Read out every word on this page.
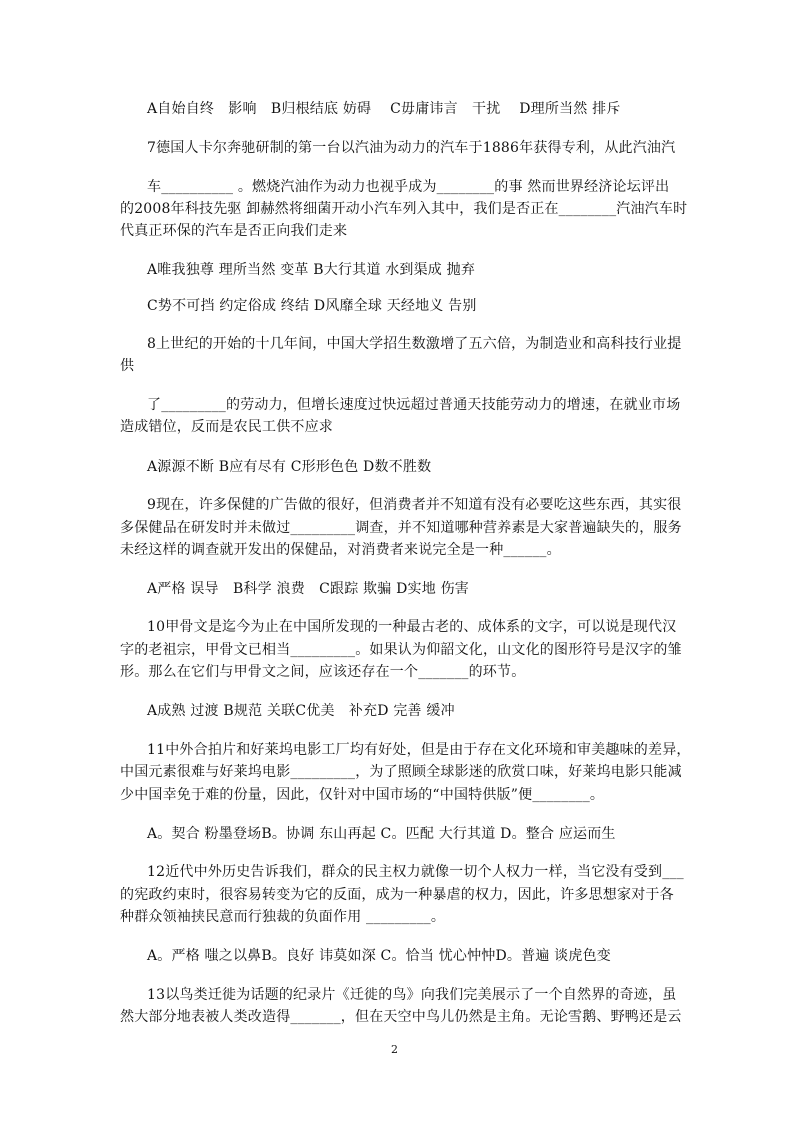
A自始自终　影响　B归根结底 妨碍　 C毋庸讳言　干扰　 D理所当然 排斥
7德国人卡尔奔驰研制的第一台以汽油为动力的汽车于1886年获得专利，从此汽油汽
车__________ 。燃烧汽油作为动力也视乎成为________的事 然而世界经济论坛评出
的2008年科技先驱 卸赫然将细菌开动小汽车列入其中，我们是否正在________汽油汽车时
代真正环保的汽车是否正向我们走来
A唯我独尊 理所当然 变革 B大行其道 水到渠成 抛弃
C势不可挡 约定俗成 终结 D风靡全球 天经地义 告别
8上世纪的开始的十几年间，中国大学招生数激增了五六倍，为制造业和高科技行业提
供
了_________的劳动力，但增长速度过快远超过普通天技能劳动力的增速，在就业市场
造成错位，反而是农民工供不应求
A源源不断 B应有尽有 C形形色色 D数不胜数
9现在，许多保健的广告做的很好，但消费者并不知道有没有必要吃这些东西，其实很
多保健品在研发时并未做过_________调查，并不知道哪种营养素是大家普遍缺失的，服务
未经这样的调查就开发出的保健品，对消费者来说完全是一种______。
A严格 误导　B科学 浪费　C跟踪 欺骗 D实地 伤害
10甲骨文是迄今为止在中国所发现的一种最古老的、成体系的文字，可以说是现代汉
字的老祖宗，甲骨文已相当_________。如果认为仰韶文化，山文化的图形符号是汉字的雏
形。那么在它们与甲骨文之间，应该还存在一个_______的环节。
A成熟 过渡 B规范 关联C优美　补充D 完善 缓冲
11中外合拍片和好莱坞电影工厂均有好处，但是由于存在文化环境和审美趣味的差异，
中国元素很难与好莱坞电影_________，为了照顾全球影迷的欣赏口味，好莱坞电影只能减
少中国幸免于难的份量，因此，仅针对中国市场的“中国特供版”便________。
A。契合 粉墨登场B。协调 东山再起 C。匹配 大行其道 D。整合 应运而生
12近代中外历史告诉我们，群众的民主权力就像一切个人权力一样，当它没有受到___
的宪政约束时，很容易转变为它的反面，成为一种暴虐的权力，因此，许多思想家对于各
种群众领袖挟民意而行独裁的负面作用 _________。
A。严格 嗤之以鼻B。良好 讳莫如深 C。恰当 忧心忡忡D。普遍 谈虎色变
13以鸟类迁徙为话题的纪录片《迁徙的鸟》向我们完美展示了一个自然界的奇迹，虽
然大部分地表被人类改造得_______，但在天空中鸟儿仍然是主角。无论雪鹅、野鸭还是云
2
